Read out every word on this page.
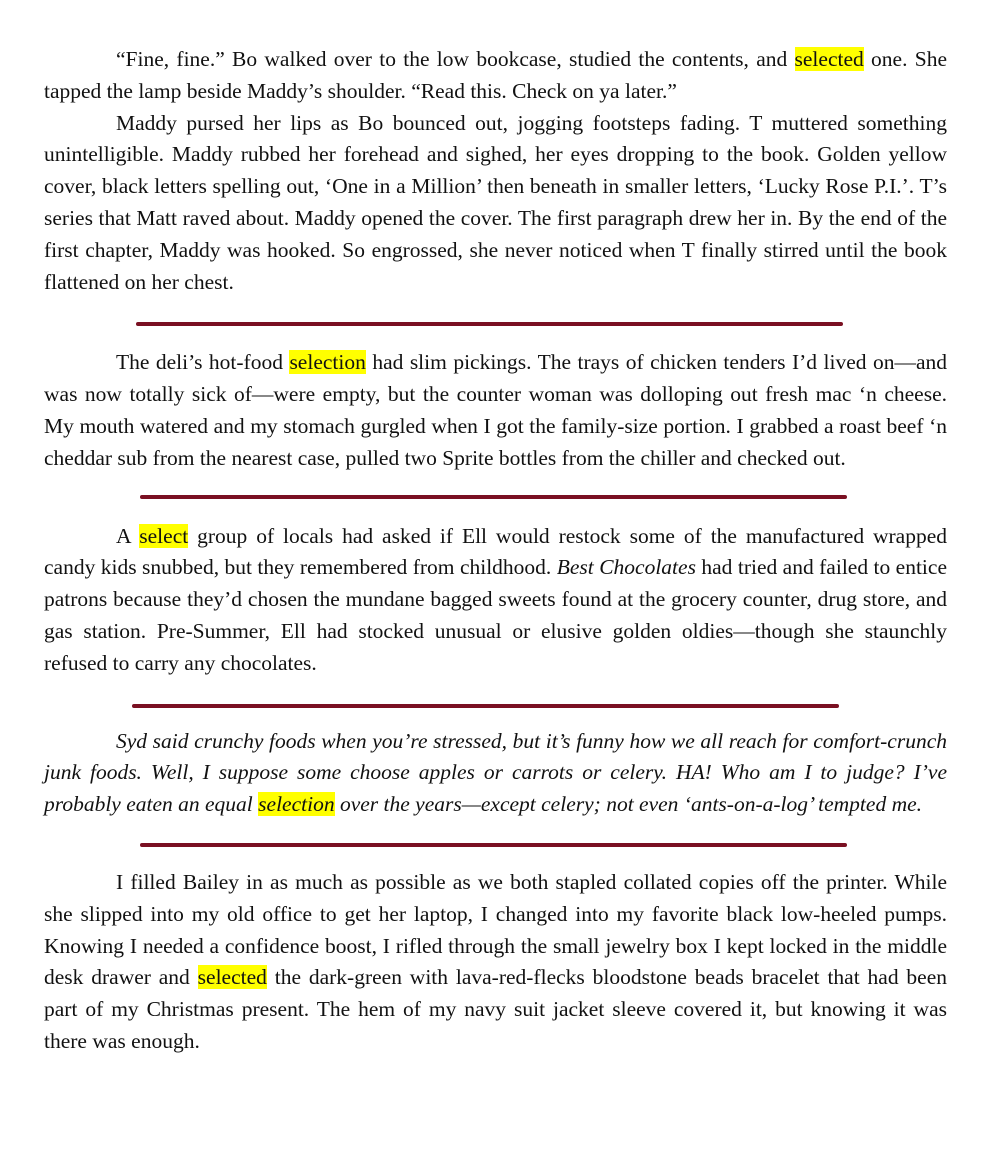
“Fine, fine.” Bo walked over to the low bookcase, studied the contents, and selected one. She tapped the lamp beside Maddy’s shoulder. “Read this. Check on ya later.”

Maddy pursed her lips as Bo bounced out, jogging footsteps fading. T muttered something unintelligible. Maddy rubbed her forehead and sighed, her eyes dropping to the book. Golden yellow cover, black letters spelling out, ‘One in a Million’ then beneath in smaller letters, ‘Lucky Rose P.I.’. T’s series that Matt raved about. Maddy opened the cover. The first paragraph drew her in. By the end of the first chapter, Maddy was hooked. So engrossed, she never noticed when T finally stirred until the book flattened on her chest.

The deli’s hot-food selection had slim pickings. The trays of chicken tenders I’d lived on—and was now totally sick of—were empty, but the counter woman was dolloping out fresh mac ‘n cheese. My mouth watered and my stomach gurgled when I got the family-size portion. I grabbed a roast beef ‘n cheddar sub from the nearest case, pulled two Sprite bottles from the chiller and checked out.

A select group of locals had asked if Ell would restock some of the manufactured wrapped candy kids snubbed, but they remembered from childhood. Best Chocolates had tried and failed to entice patrons because they’d chosen the mundane bagged sweets found at the grocery counter, drug store, and gas station. Pre-Summer, Ell had stocked unusual or elusive golden oldies—though she staunchly refused to carry any chocolates.

Syd said crunchy foods when you’re stressed, but it’s funny how we all reach for comfort-crunch junk foods. Well, I suppose some choose apples or carrots or celery. HA! Who am I to judge? I’ve probably eaten an equal selection over the years—except celery; not even ‘ants-on-a-log’ tempted me.

I filled Bailey in as much as possible as we both stapled collated copies off the printer. While she slipped into my old office to get her laptop, I changed into my favorite black low-heeled pumps. Knowing I needed a confidence boost, I rifled through the small jewelry box I kept locked in the middle desk drawer and selected the dark-green with lava-red-flecks bloodstone beads bracelet that had been part of my Christmas present. The hem of my navy suit jacket sleeve covered it, but knowing it was there was enough.
